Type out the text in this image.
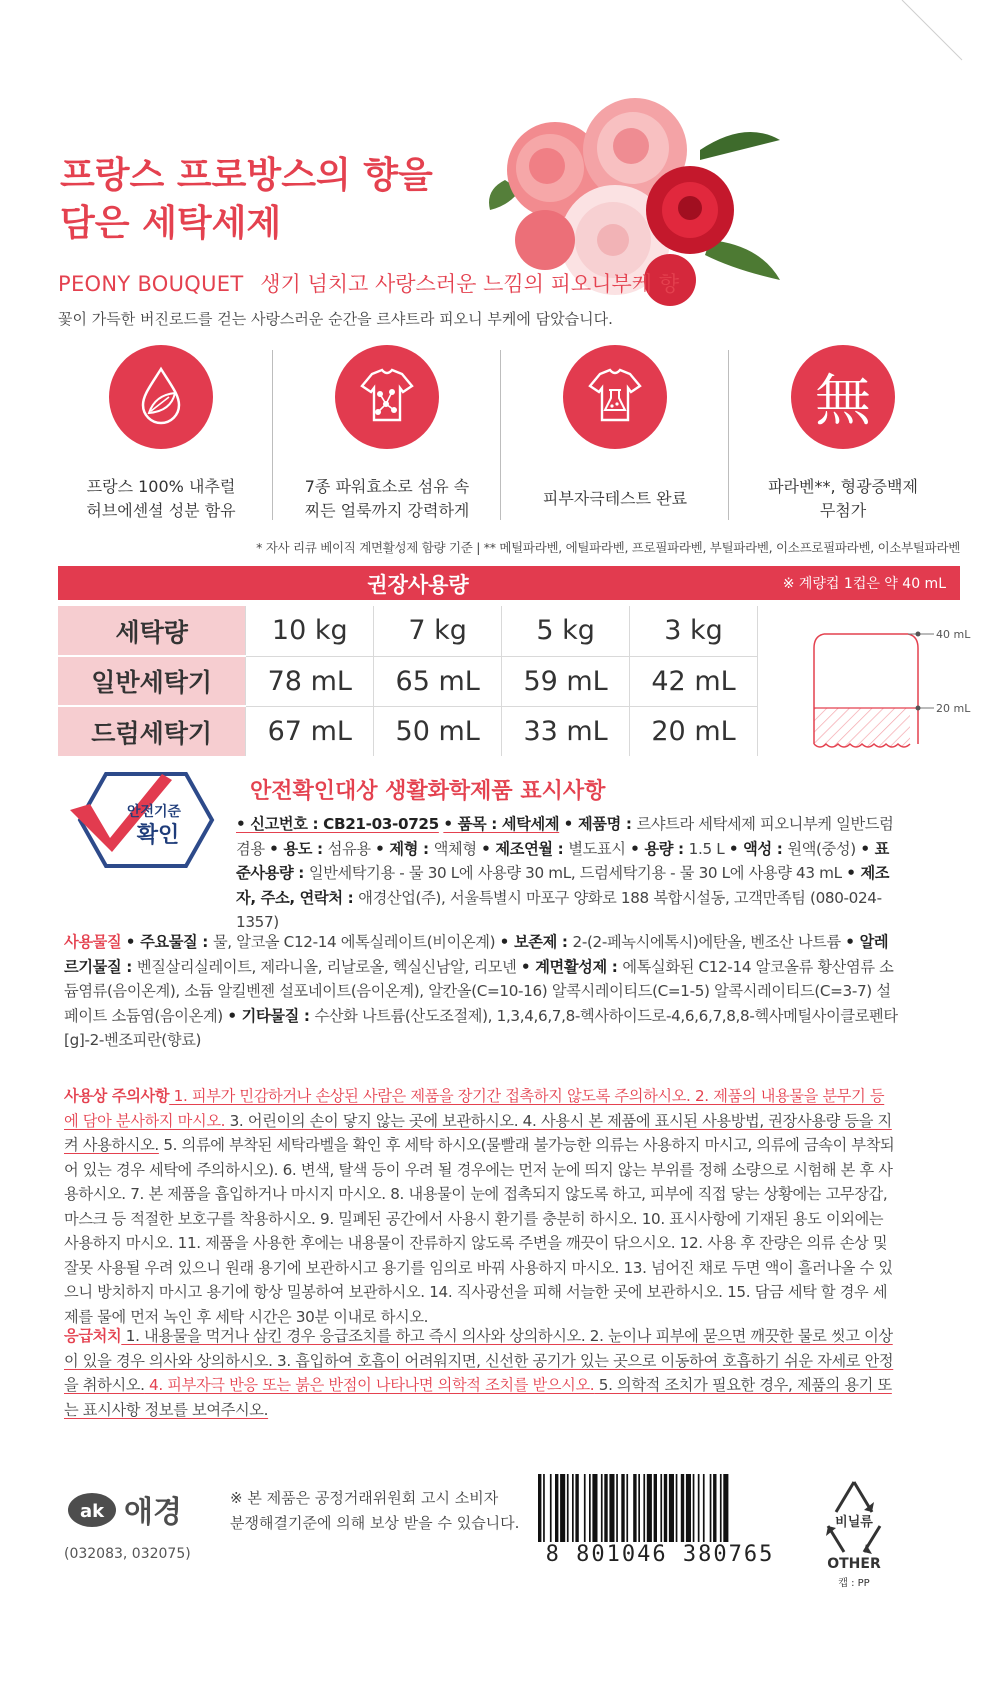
프랑스 프로방스의 향을
담은 세탁세제
PEONY BOUQUET 생기 넘치고 사랑스러운 느낌의 피오니부케 향
꽃이 가득한 버진로드를 걷는 사랑스러운 순간을 르샤트라 피오니 부케에 담았습니다.
프랑스 100% 내추럴
허브에센셜 성분 함유
7종 파워효소로 섬유 속
찌든 얼룩까지 강력하게
피부자극테스트 완료
無
파라벤**, 형광증백제
무첨가
* 자사 리큐 베이직 계면활성제 함량 기준 | ** 메틸파라벤, 에틸파라벤, 프로필파라벤, 부틸파라벤, 이소프로필파라벤, 이소부틸파라벤
권장사용량	※ 계량컵 1컵은 약 40 mL
세탁량	10 kg	7 kg	5 kg	3 kg
일반세탁기	78 mL	65 mL	59 mL	42 mL
드럼세탁기	67 mL	50 mL	33 mL	20 mL
40 mL
20 mL
안전기준
확인
안전확인대상 생활화학제품 표시사항
• 신고번호 : CB21-03-0725 • 품목 : 세탁세제 • 제품명 : 르샤트라 세탁세제 피오니부케 일반드럼겸용 • 용도 : 섬유용 • 제형 : 액체형 • 제조연월 : 별도표시 • 용량 : 1.5 L • 액성 : 원액(중성) • 표준사용량 : 일반세탁기용 - 물 30 L에 사용량 30 mL, 드럼세탁기용 - 물 30 L에 사용량 43 mL • 제조자, 주소, 연락처 : 애경산업(주), 서울특별시 마포구 양화로 188 복합시설동, 고객만족팀 (080-024-1357)
사용물질 • 주요물질 : 물, 알코올 C12-14 에톡실레이트(비이온계) • 보존제 : 2-(2-페녹시에톡시)에탄올, 벤조산 나트륨 • 알레르기물질 : 벤질살리실레이트, 제라니올, 리날로올, 헥실신남알, 리모넨 • 계면활성제 : 에톡실화된 C12-14 알코올류 황산염류 소듐염류(음이온계), 소듐 알킬벤젠 설포네이트(음이온계), 알칸올(C=10-16) 알콕시레이티드(C=1-5) 알콕시레이티드(C=3-7) 설페이트 소듐염(음이온계) • 기타물질 : 수산화 나트륨(산도조절제), 1,3,4,6,7,8-헥사하이드로-4,6,6,7,8,8-헥사메틸사이클로펜타[g]-2-벤조피란(향료)
사용상 주의사항 1. 피부가 민감하거나 손상된 사람은 제품을 장기간 접촉하지 않도록 주의하시오. 2. 제품의 내용물을 분무기 등에 담아 분사하지 마시오. 3. 어린이의 손이 닿지 않는 곳에 보관하시오. 4. 사용시 본 제품에 표시된 사용방법, 권장사용량 등을 지켜 사용하시오. 5. 의류에 부착된 세탁라벨을 확인 후 세탁 하시오(물빨래 불가능한 의류는 사용하지 마시고, 의류에 금속이 부착되어 있는 경우 세탁에 주의하시오). 6. 변색, 탈색 등이 우려 될 경우에는 먼저 눈에 띄지 않는 부위를 정해 소량으로 시험해 본 후 사용하시오. 7. 본 제품을 흡입하거나 마시지 마시오. 8. 내용물이 눈에 접촉되지 않도록 하고, 피부에 직접 닿는 상황에는 고무장갑, 마스크 등 적절한 보호구를 착용하시오. 9. 밀폐된 공간에서 사용시 환기를 충분히 하시오. 10. 표시사항에 기재된 용도 이외에는 사용하지 마시오. 11. 제품을 사용한 후에는 내용물이 잔류하지 않도록 주변을 깨끗이 닦으시오. 12. 사용 후 잔량은 의류 손상 및 잘못 사용될 우려 있으니 원래 용기에 보관하시고 용기를 임의로 바꿔 사용하지 마시오. 13. 넘어진 채로 두면 액이 흘러나올 수 있으니 방치하지 마시고 용기에 항상 밀봉하여 보관하시오. 14. 직사광선을 피해 서늘한 곳에 보관하시오. 15. 담금 세탁 할 경우 세제를 물에 먼저 녹인 후 세탁 시간은 30분 이내로 하시오.
응급처치 1. 내용물을 먹거나 삼킨 경우 응급조치를 하고 즉시 의사와 상의하시오. 2. 눈이나 피부에 묻으면 깨끗한 물로 씻고 이상이 있을 경우 의사와 상의하시오. 3. 흡입하여 호흡이 어려워지면, 신선한 공기가 있는 곳으로 이동하여 호흡하기 쉬운 자세로 안정을 취하시오. 4. 피부자극 반응 또는 붉은 반점이 나타나면 의학적 조치를 받으시오. 5. 의학적 조치가 필요한 경우, 제품의 용기 또는 표시사항 정보를 보여주시오.
ak 애경	※ 본 제품은 공정거래위원회 고시 소비자
분쟁해결기준에 의해 보상 받을 수 있습니다.
(032083, 032075)	8 801046 380765
비닐류
OTHER
캡 : PP
